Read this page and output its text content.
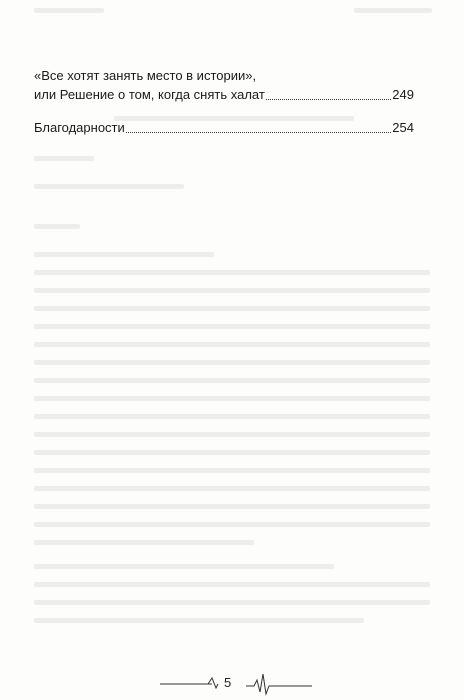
«Все хотят занять место в истории»,
или Решение о том, когда снять халат	249
Благодарности	254
5
